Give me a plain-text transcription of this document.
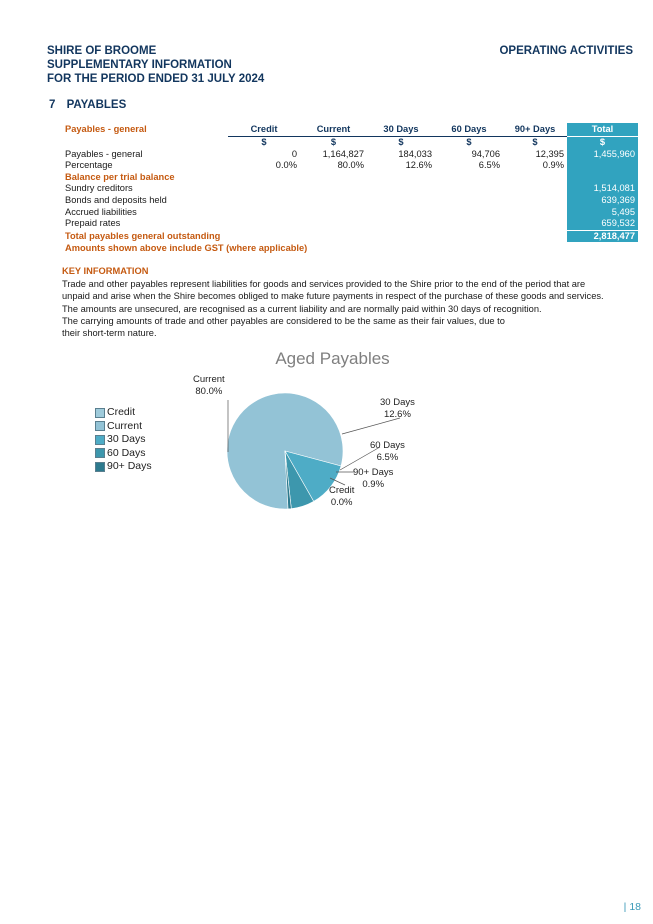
SHIRE OF BROOME
SUPPLEMENTARY INFORMATION
FOR THE PERIOD ENDED 31 JULY 2024
OPERATING ACTIVITIES
7 PAYABLES
Payables - general	Credit	Current	30 Days	60 Days	90+ Days	Total
	$	$	$	$	$	$
Payables - general	0	1,164,827	184,033	94,706	12,395	1,455,960
Percentage	0.0%	80.0%	12.6%	6.5%	0.9%	
Balance per trial balance						
Sundry creditors						1,514,081
Bonds and deposits held						639,369
Accrued liabilities						5,495
Prepaid rates						659,532
Total payables general outstanding						2,818,477
Amounts shown above include GST (where applicable)						
KEY INFORMATION

Trade and other payables represent liabilities for goods and services provided to the Shire prior to the end of the period that are

unpaid and arise when the Shire becomes obliged to make future payments in respect of the purchase of these goods and services.

The amounts are unsecured, are recognised as a current liability and are normally paid within 30 days of recognition.

The carrying amounts of trade and other payables are considered to be the same as their fair values, due to

their short-term nature.

Aged Payables
Credit
Current
30 Days
60 Days
90+ Days
Current
80.0%
30 Days
12.6%
60 Days
6.5%
90+ Days
0.9%
Credit
0.0%
| 18
